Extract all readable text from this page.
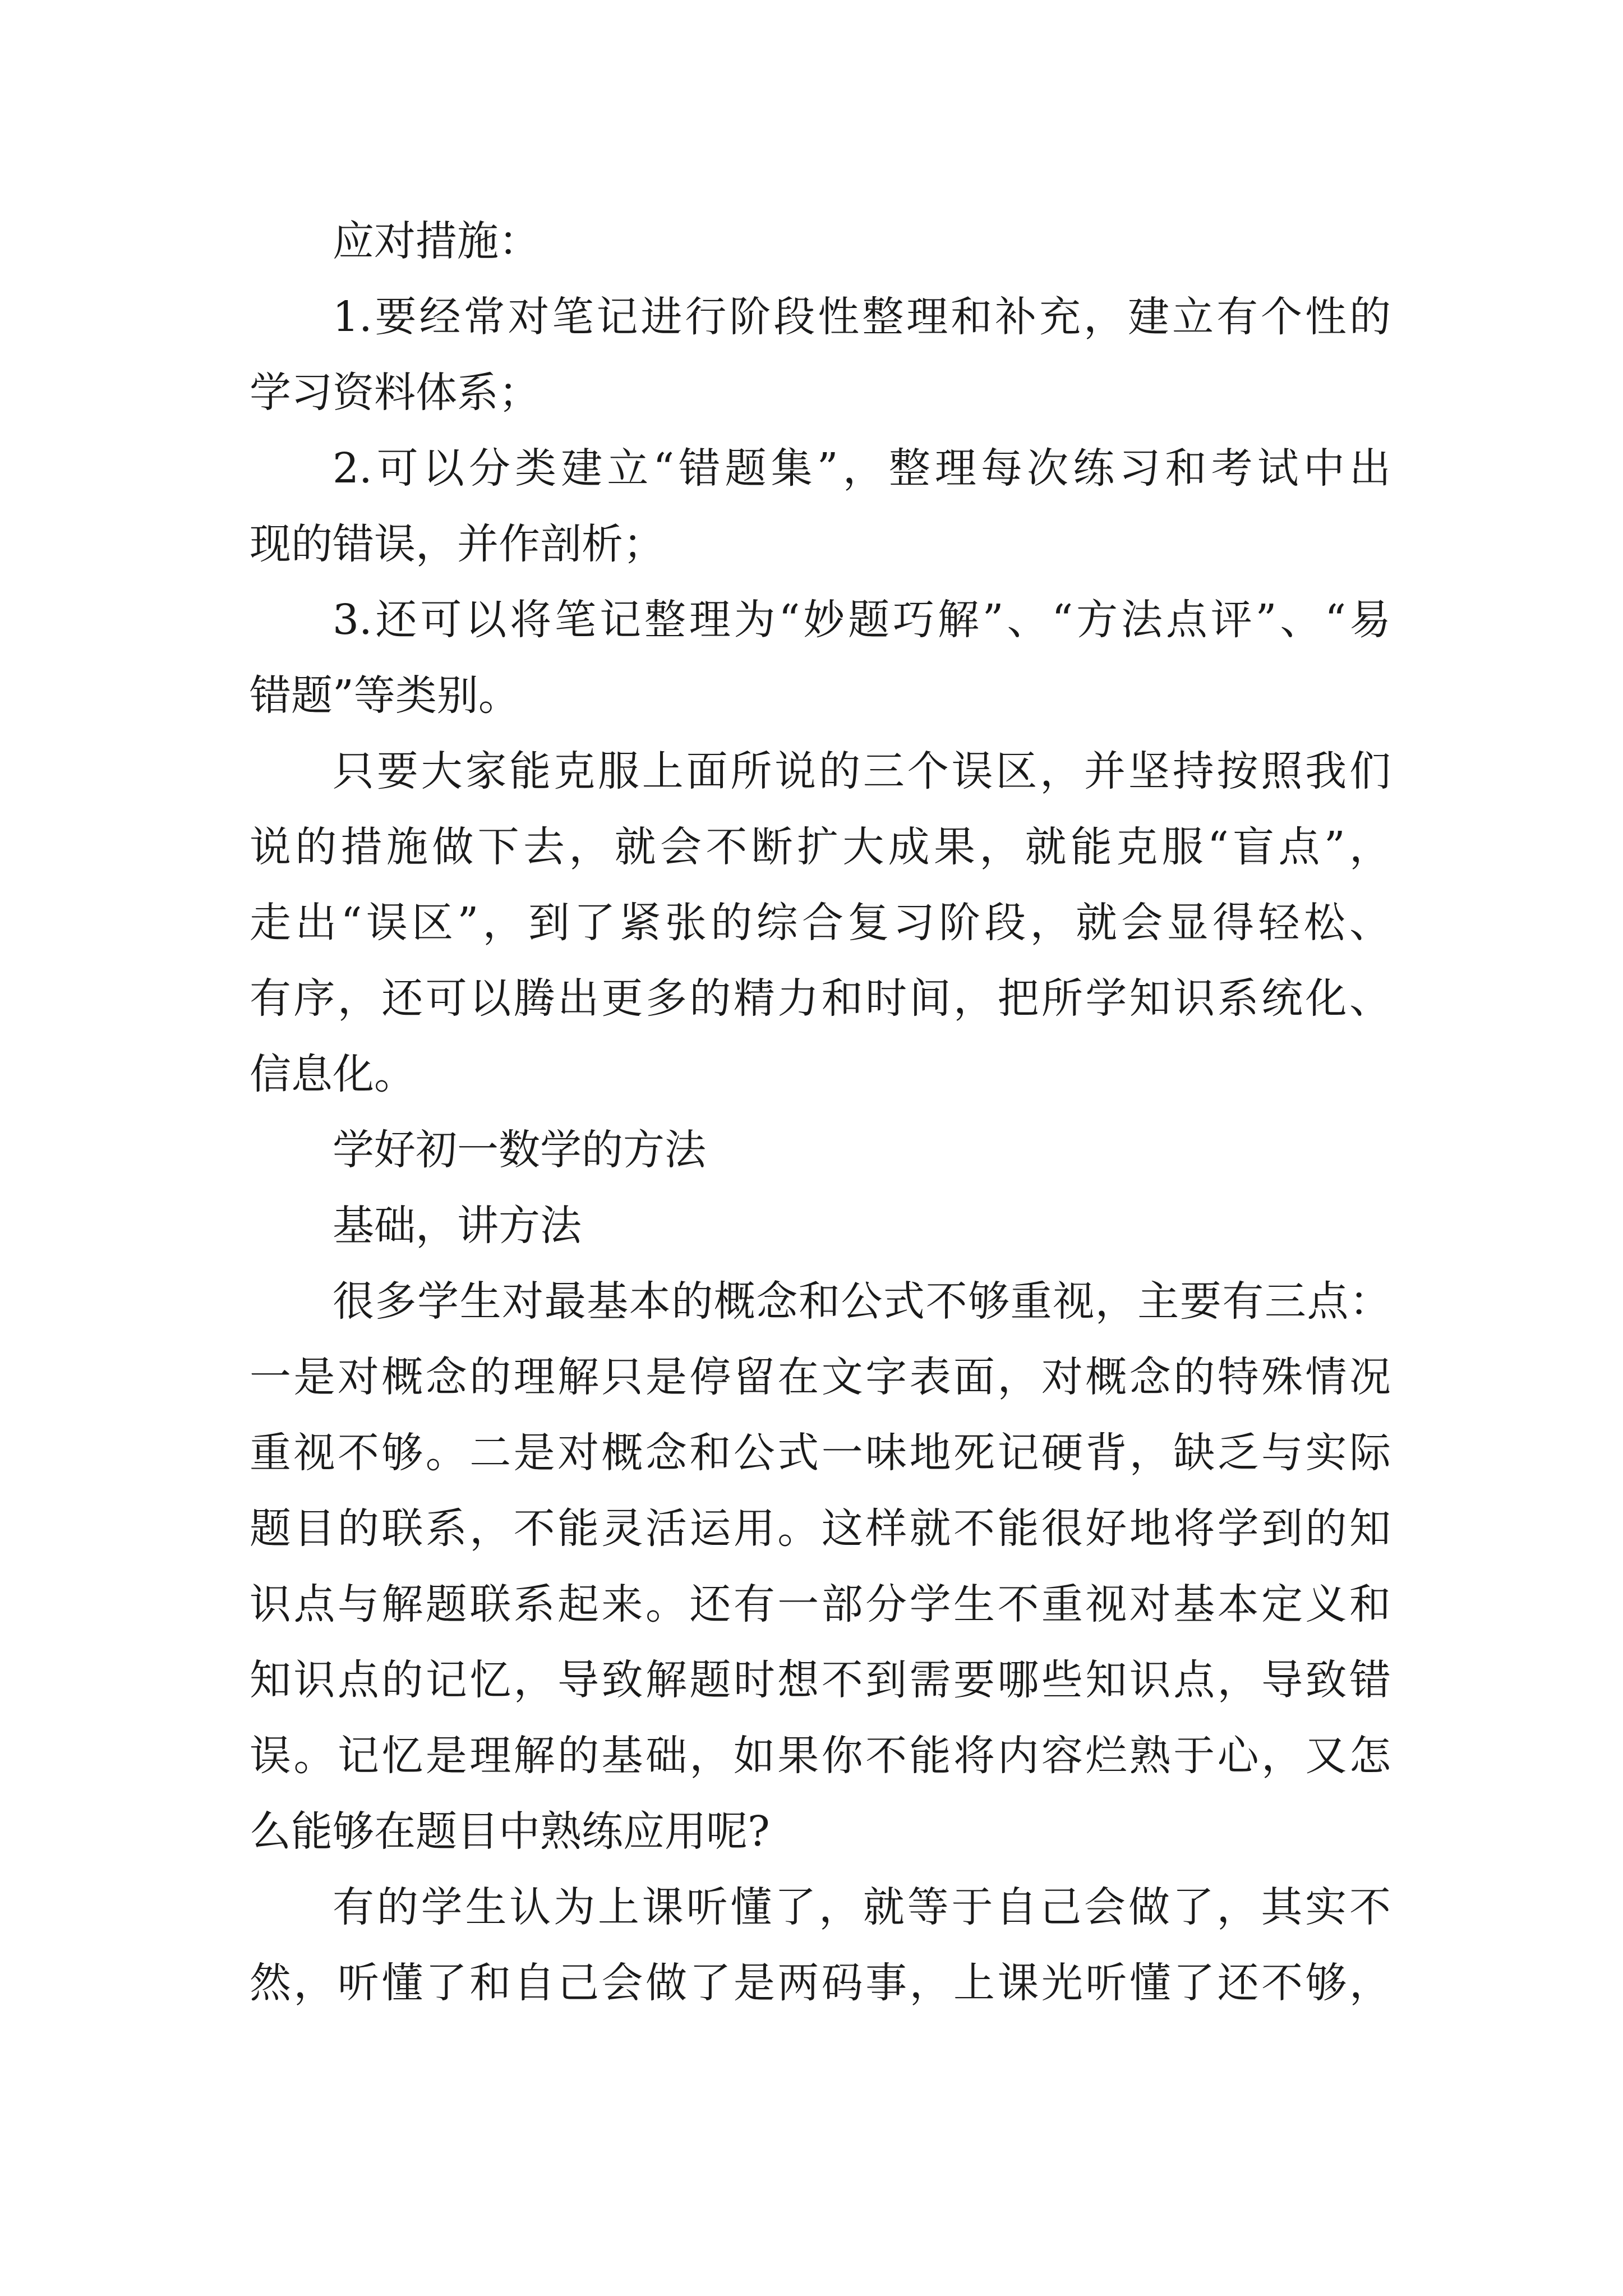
应对措施：

1.要经常对笔记进行阶段性整理和补充，建立有个性的

学习资料体系；

2.可以分类建立“错题集”，整理每次练习和考试中出

现的错误，并作剖析；

3.还可以将笔记整理为“妙题巧解”、“方法点评”、“易

错题”等类别。

只要大家能克服上面所说的三个误区，并坚持按照我们

说的措施做下去，就会不断扩大成果，就能克服“盲点”，

走出“误区”，到了紧张的综合复习阶段，就会显得轻松、

有序，还可以腾出更多的精力和时间，把所学知识系统化、

信息化。

学好初一数学的方法

基础，讲方法

很多学生对最基本的概念和公式不够重视，主要有三点：

一是对概念的理解只是停留在文字表面，对概念的特殊情况

重视不够。二是对概念和公式一味地死记硬背，缺乏与实际

题目的联系，不能灵活运用。这样就不能很好地将学到的知

识点与解题联系起来。还有一部分学生不重视对基本定义和

知识点的记忆，导致解题时想不到需要哪些知识点，导致错

误。记忆是理解的基础，如果你不能将内容烂熟于心，又怎

么能够在题目中熟练应用呢?

有的学生认为上课听懂了，就等于自己会做了，其实不

然，听懂了和自己会做了是两码事，上课光听懂了还不够，
